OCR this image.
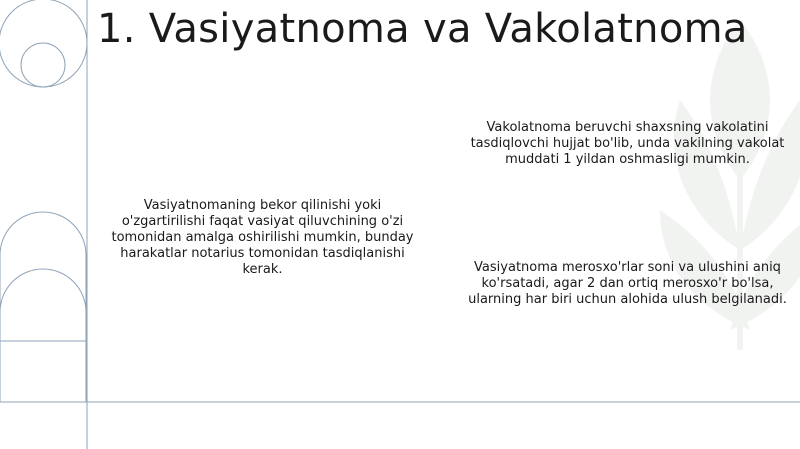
1. Vasiyatnoma va Vakolatnoma
Vasiyatnomaning bekor qilinishi yoki o'zgartirilishi faqat vasiyat qiluvchining o'zi tomonidan amalga oshirilishi mumkin, bunday harakatlar notarius tomonidan tasdiqlanishi kerak.
Vakolatnoma beruvchi shaxsning vakolatini tasdiqlovchi hujjat bo'lib, unda vakilning vakolat muddati 1 yildan oshmasligi mumkin.
Vasiyatnoma merosxo'rlar soni va ulushini aniq ko'rsatadi, agar 2 dan ortiq merosxo'r bo'lsa, ularning har biri uchun alohida ulush belgilanadi.
